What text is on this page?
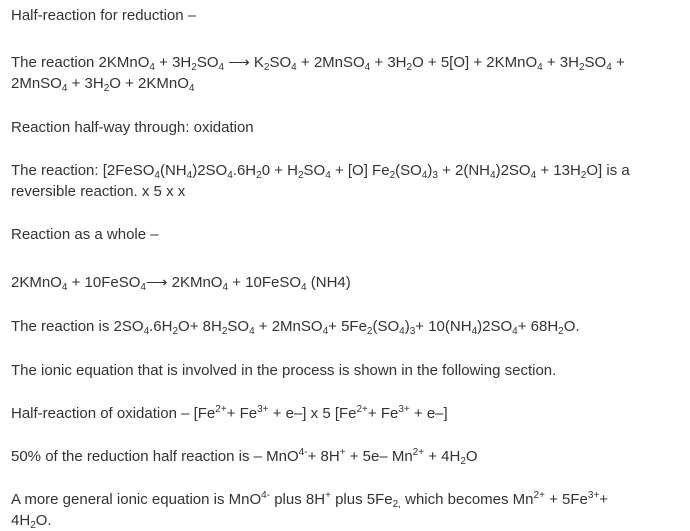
Half-reaction for reduction –

The reaction 2KMnO$_4$ + $3H_2SO_4$ ⟶ $K_2SO_4$ + 2MnSO$_4$ + $3H_2O + 5[O]$ + 2KMnO$_4$ + $3H_2SO_4$ +
2MnSO$_4$ + $3H_2O$ + 2KMnO$_4$

Reaction half-way through: oxidation

The reaction: $[2FeSO_4(NH_4)2SO_4.6H_20 + H_2SO_4 + [O] Fe_2(SO_4)_3 + 2(NH_4)2SO_4 + 13H_2O]$ is a
reversible reaction. x 5 x x

Reaction as a whole –

2KMnO$_4$ + 10FeSO$_4$⟶ 2KMnO$_4$ + 10FeSO$_4$ (NH4)

The reaction is $2SO_4.6H_2O+ 8H_2SO_4$ + 2MnSO$_4$+ $5Fe_2(SO_4)_3+ 10(NH_4)2SO_4+ 68H_2O$.

The ionic equation that is involved in the process is shown in the following section.

Half-reaction of oxidation – $[Fe^{2+}+ Fe^{3+} + e-]$ x 5 $[Fe^{2+}+ Fe^{3+} + e-]$

50% of the reduction half reaction is – MnO$^{4-}$+ 8H+ + 5e– $Mn^{2+} + 4H_2O$

A more general ionic equation is MnO$^{4-}$ plus 8H+ plus $5Fe_{2,}$ which becomes $Mn^{2+} + 5Fe^{3+}+$
$4H_2O$.
